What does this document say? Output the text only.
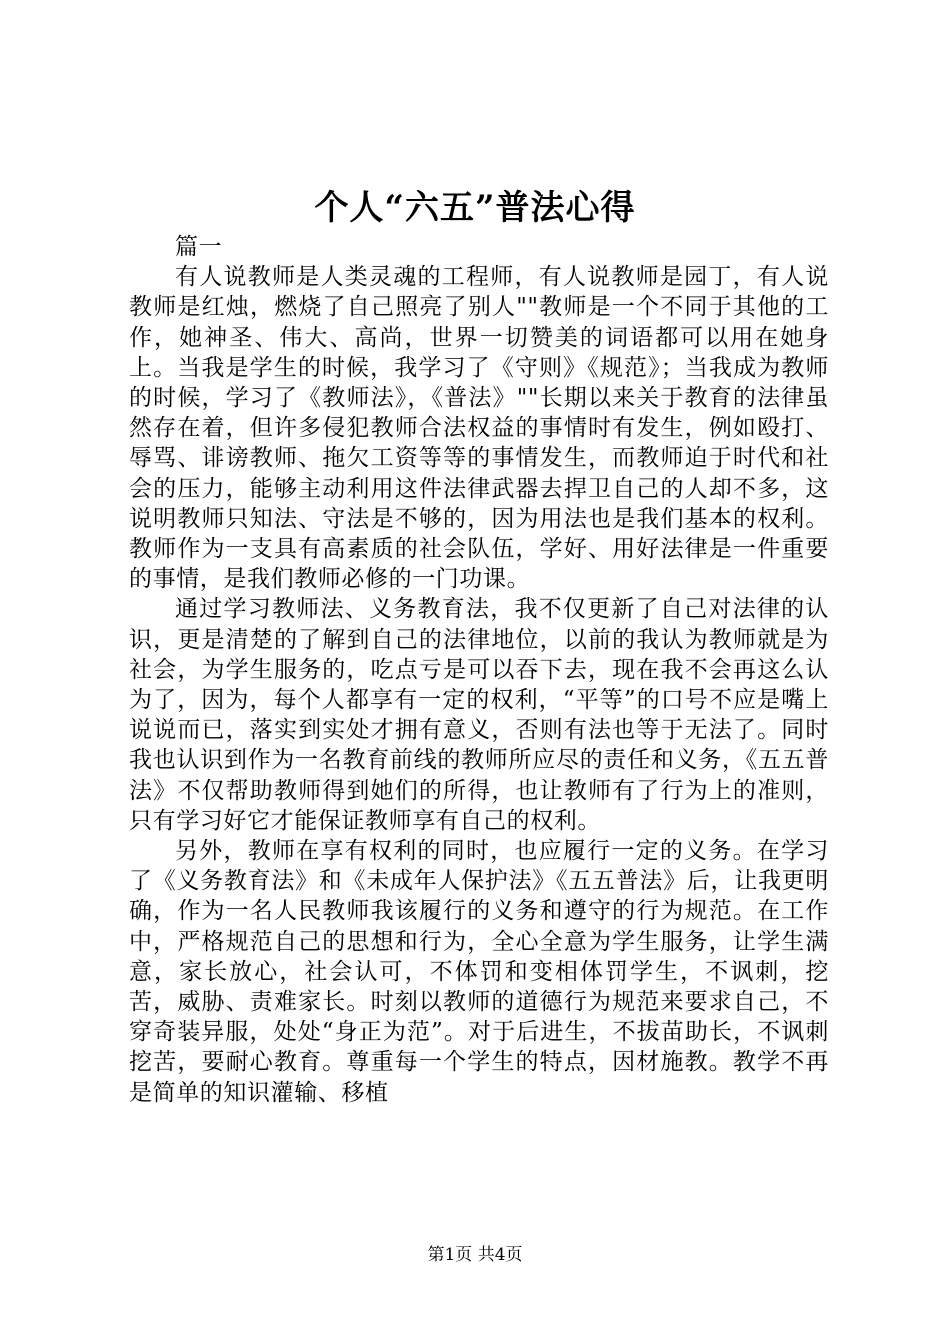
个人“六五”普法心得

篇一

有人说教师是人类灵魂的工程师，有人说教师是园丁，有人说教师是红烛，燃烧了自己照亮了别人""教师是一个不同于其他的工作，她神圣、伟大、高尚，世界一切赞美的词语都可以用在她身上。当我是学生的时候，我学习了《守则》《规范》；当我成为教师的时候，学习了《教师法》，《普法》""长期以来关于教育的法律虽然存在着，但许多侵犯教师合法权益的事情时有发生，例如殴打、辱骂、诽谤教师、拖欠工资等等的事情发生，而教师迫于时代和社会的压力，能够主动利用这件法律武器去捍卫自己的人却不多，这说明教师只知法、守法是不够的，因为用法也是我们基本的权利。教师作为一支具有高素质的社会队伍，学好、用好法律是一件重要的事情，是我们教师必修的一门功课。

通过学习教师法、义务教育法，我不仅更新了自己对法律的认识，更是清楚的了解到自己的法律地位，以前的我认为教师就是为社会，为学生服务的，吃点亏是可以吞下去，现在我不会再这么认为了，因为，每个人都享有一定的权利，“平等”的口号不应是嘴上说说而已，落实到实处才拥有意义，否则有法也等于无法了。同时我也认识到作为一名教育前线的教师所应尽的责任和义务，《五五普法》不仅帮助教师得到她们的所得，也让教师有了行为上的准则，只有学习好它才能保证教师享有自己的权利。

另外，教师在享有权利的同时，也应履行一定的义务。在学习了《义务教育法》和《未成年人保护法》《五五普法》后，让我更明确，作为一名人民教师我该履行的义务和遵守的行为规范。在工作中，严格规范自己的思想和行为，全心全意为学生服务，让学生满意，家长放心，社会认可，不体罚和变相体罚学生，不讽刺，挖苦，威胁、责难家长。时刻以教师的道德行为规范来要求自己，不穿奇装异服，处处“身正为范”。对于后进生，不拔苗助长，不讽刺挖苦，要耐心教育。尊重每一个学生的特点，因材施教。教学不再是简单的知识灌输、移植

第1页 共4页
